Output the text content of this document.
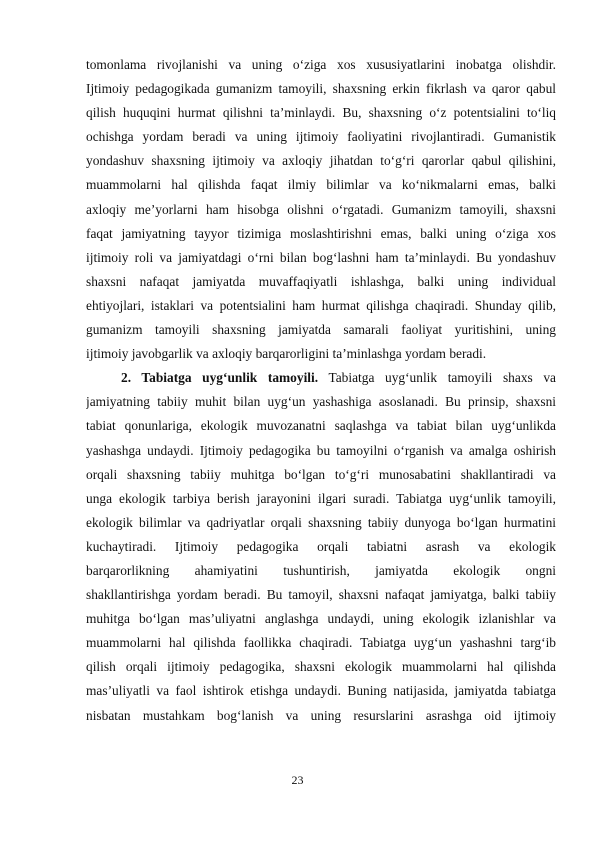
tomonlama rivojlanishi va uning o‘ziga xos xususiyatlarini inobatga olishdir.
Ijtimoiy pedagogikada gumanizm tamoyili, shaxsning erkin fikrlash va qaror qabul
qilish huquqini hurmat qilishni ta’minlaydi. Bu, shaxsning o‘z potentsialini to‘liq
ochishga yordam beradi va uning ijtimoiy faoliyatini rivojlantiradi. Gumanistik
yondashuv shaxsning ijtimoiy va axloqiy jihatdan to‘g‘ri qarorlar qabul qilishini,
muammolarni hal qilishda faqat ilmiy bilimlar va ko‘nikmalarni emas, balki
axloqiy me’yorlarni ham hisobga olishni o‘rgatadi. Gumanizm tamoyili, shaxsni
faqat jamiyatning tayyor tizimiga moslashtirishni emas, balki uning o‘ziga xos
ijtimoiy roli va jamiyatdagi o‘rni bilan bog‘lashni ham ta’minlaydi. Bu yondashuv
shaxsni nafaqat jamiyatda muvaffaqiyatli ishlashga, balki uning individual
ehtiyojlari, istaklari va potentsialini ham hurmat qilishga chaqiradi. Shunday qilib,
gumanizm tamoyili shaxsning jamiyatda samarali faoliyat yuritishini, uning
ijtimoiy javobgarlik va axloqiy barqarorligini ta’minlashga yordam beradi.
2. Tabiatga uyg‘unlik tamoyili. Tabiatga uyg‘unlik tamoyili shaxs va
jamiyatning tabiiy muhit bilan uyg‘un yashashiga asoslanadi. Bu prinsip, shaxsni
tabiat qonunlariga, ekologik muvozanatni saqlashga va tabiat bilan uyg‘unlikda
yashashga undaydi. Ijtimoiy pedagogika bu tamoyilni o‘rganish va amalga oshirish
orqali shaxsning tabiiy muhitga bo‘lgan to‘g‘ri munosabatini shakllantiradi va
unga ekologik tarbiya berish jarayonini ilgari suradi. Tabiatga uyg‘unlik tamoyili,
ekologik bilimlar va qadriyatlar orqali shaxsning tabiiy dunyoga bo‘lgan hurmatini
kuchaytiradi. Ijtimoiy pedagogika orqali tabiatni asrash va ekologik
barqarorlikning ahamiyatini tushuntirish, jamiyatda ekologik ongni
shakllantirishga yordam beradi. Bu tamoyil, shaxsni nafaqat jamiyatga, balki tabiiy
muhitga bo‘lgan mas’uliyatni anglashga undaydi, uning ekologik izlanishlar va
muammolarni hal qilishda faollikka chaqiradi. Tabiatga uyg‘un yashashni targ‘ib
qilish orqali ijtimoiy pedagogika, shaxsni ekologik muammolarni hal qilishda
mas’uliyatli va faol ishtirok etishga undaydi. Buning natijasida, jamiyatda tabiatga
nisbatan mustahkam bog‘lanish va uning resurslarini asrashga oid ijtimoiy
23
